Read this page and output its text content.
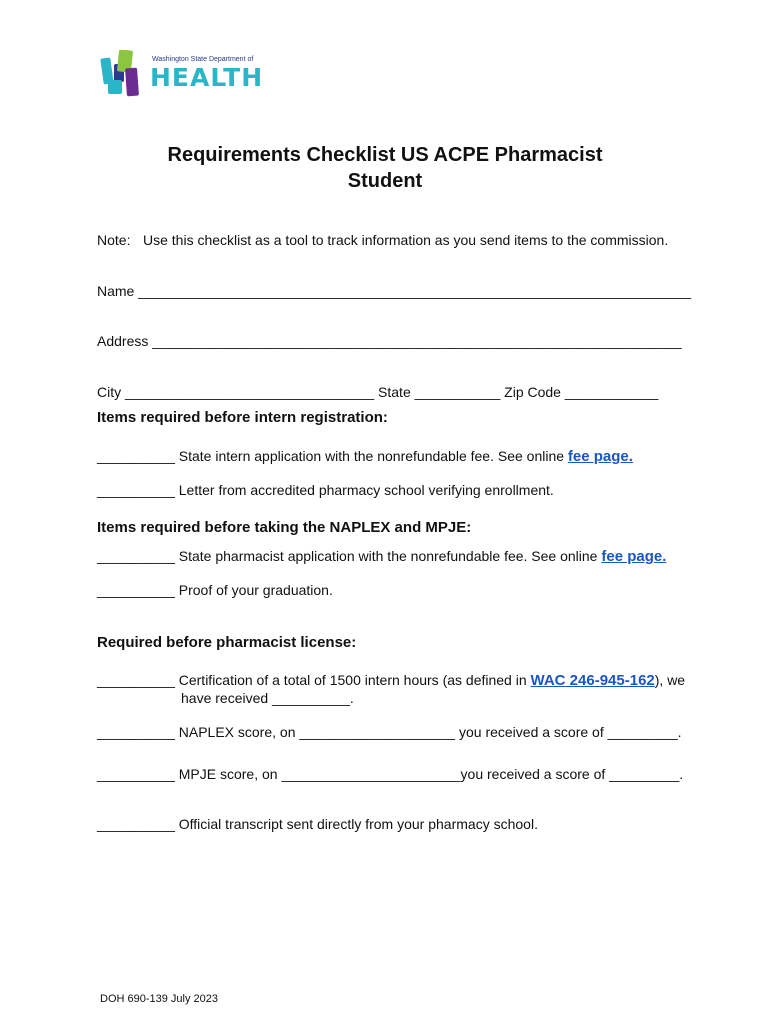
Washington State Department of
HEALTH
Requirements Checklist US ACPE Pharmacist
Student
Note: Use this checklist as a tool to track information as you send items to the commission.
Name _______________________________________________________________________
Address ____________________________________________________________________
City ________________________________ State ___________ Zip Code ____________
Items required before intern registration:
__________ State intern application with the nonrefundable fee. See online fee page.
__________ Letter from accredited pharmacy school verifying enrollment.
Items required before taking the NAPLEX and MPJE:
__________ State pharmacist application with the nonrefundable fee. See online fee page.
__________ Proof of your graduation.
Required before pharmacist license:
__________ Certification of a total of 1500 intern hours (as defined in WAC 246-945-162), we
have received __________.
__________ NAPLEX score, on ____________________ you received a score of _________.
__________ MPJE score, on _______________________you received a score of _________.
__________ Official transcript sent directly from your pharmacy school.
DOH 690-139 July 2023
